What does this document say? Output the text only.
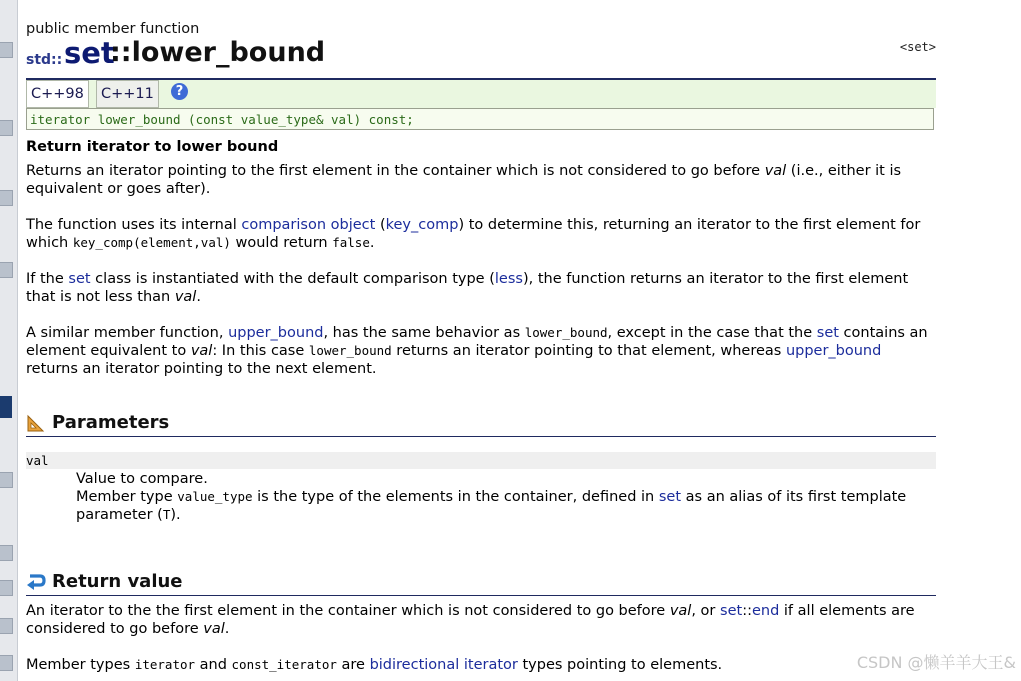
public member function
std:: set
::lower_bound	<set>
C++98	C++11	?
iterator lower_bound (const value_type& val) const;
Return iterator to lower bound
Returns an iterator pointing to the first element in the container which is not considered to go before val (i.e., either it is equivalent or goes after).
The function uses its internal comparison object (key_comp) to determine this, returning an iterator to the first element for which key_comp(element,val) would return false.
If the set class is instantiated with the default comparison type (less), the function returns an iterator to the first element that is not less than val.
A similar member function, upper_bound, has the same behavior as lower_bound, except in the case that the set contains an element equivalent to val: In this case lower_bound returns an iterator pointing to that element, whereas upper_bound returns an iterator pointing to the next element.
Parameters
val
Value to compare.
Member type value_type is the type of the elements in the container, defined in set as an alias of its first template parameter (T).
Return value
An iterator to the the first element in the container which is not considered to go before val, or set::end if all elements are considered to go before val.
Member types iterator and const_iterator are bidirectional iterator types pointing to elements.	CSDN @懒羊羊大王&
